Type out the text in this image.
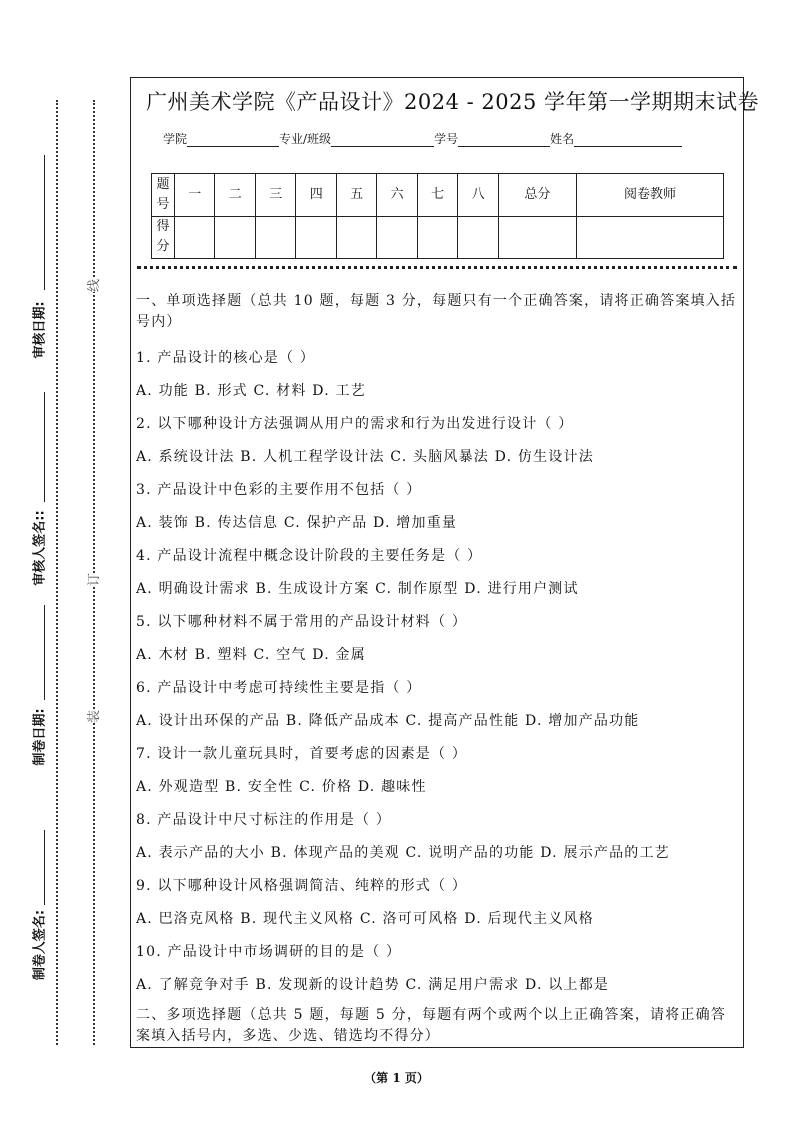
线
订
装
审核日期:
审核人签名::
制卷日期:
制卷人签名:
广州美术学院《产品设计》2024 - 2025 学年第一学期期末试卷
学院	专业/班级	学号	姓名
题号	一	二	三	四	五	六	七	八	总分	阅卷教师
得分										
一、单项选择题（总共 10 题，每题 3 分，每题只有一个正确答案，请将正确答案填入括号内）
1. 产品设计的核心是（ ）
A. 功能 B. 形式 C. 材料 D. 工艺
2. 以下哪种设计方法强调从用户的需求和行为出发进行设计（ ）
A. 系统设计法 B. 人机工程学设计法 C. 头脑风暴法 D. 仿生设计法
3. 产品设计中色彩的主要作用不包括（ ）
A. 装饰 B. 传达信息 C. 保护产品 D. 增加重量
4. 产品设计流程中概念设计阶段的主要任务是（ ）
A. 明确设计需求 B. 生成设计方案 C. 制作原型 D. 进行用户测试
5. 以下哪种材料不属于常用的产品设计材料（ ）
A. 木材 B. 塑料 C. 空气 D. 金属
6. 产品设计中考虑可持续性主要是指（ ）
A. 设计出环保的产品 B. 降低产品成本 C. 提高产品性能 D. 增加产品功能
7. 设计一款儿童玩具时，首要考虑的因素是（ ）
A. 外观造型 B. 安全性 C. 价格 D. 趣味性
8. 产品设计中尺寸标注的作用是（ ）
A. 表示产品的大小 B. 体现产品的美观 C. 说明产品的功能 D. 展示产品的工艺
9. 以下哪种设计风格强调简洁、纯粹的形式（ ）
A. 巴洛克风格 B. 现代主义风格 C. 洛可可风格 D. 后现代主义风格
10. 产品设计中市场调研的目的是（ ）
A. 了解竞争对手 B. 发现新的设计趋势 C. 满足用户需求 D. 以上都是
二、多项选择题（总共 5 题，每题 5 分，每题有两个或两个以上正确答案，请将正确答案填入括号内，多选、少选、错选均不得分）
（第 1 页）
